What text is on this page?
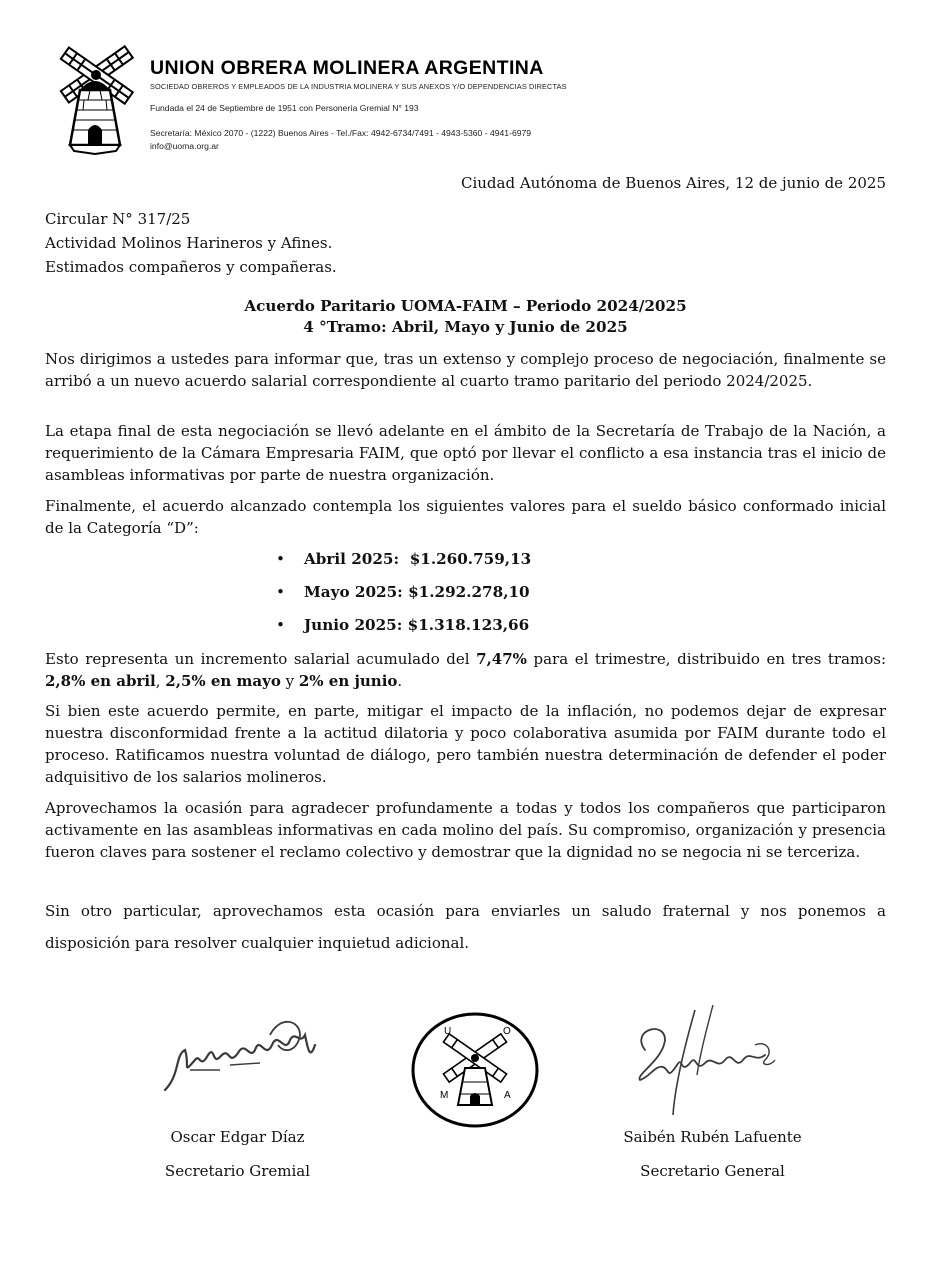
UNION OBRERA MOLINERA ARGENTINA
SOCIEDAD OBREROS Y EMPLEADOS DE LA INDUSTRIA MOLINERA Y SUS ANEXOS Y/O DEPENDENCIAS DIRECTAS
Fundada el 24 de Septiembre de 1951 con Personería Gremial N° 193
Secretaría: México 2070 - (1222) Buenos Aires - Tel./Fax: 4942-6734/7491 - 4943-5360 - 4941-6979
info@uoma.org.ar
Ciudad Autónoma de Buenos Aires, 12 de junio de 2025
Circular N° 317/25
Actividad Molinos Harineros y Afines.
Estimados compañeros y compañeras.
Acuerdo Paritario UOMA-FAIM – Periodo 2024/2025
4 °Tramo: Abril, Mayo y Junio de 2025

Nos dirigimos a ustedes para informar que, tras un extenso y complejo proceso de negociación, finalmente se arribó a un nuevo acuerdo salarial correspondiente al cuarto tramo paritario del periodo 2024/2025.

La etapa final de esta negociación se llevó adelante en el ámbito de la Secretaría de Trabajo de la Nación, a requerimiento de la Cámara Empresaria FAIM, que optó por llevar el conflicto a esa instancia tras el inicio de asambleas informativas por parte de nuestra organización.

Finalmente, el acuerdo alcanzado contempla los siguientes valores para el sueldo básico conformado inicial de la Categoría “D”:

• Abril 2025: $1.260.759,13
• Mayo 2025: $1.292.278,10
• Junio 2025: $1.318.123,66

Esto representa un incremento salarial acumulado del 7,47% para el trimestre, distribuido en tres tramos: 2,8% en abril, 2,5% en mayo y 2% en junio.

Si bien este acuerdo permite, en parte, mitigar el impacto de la inflación, no podemos dejar de expresar nuestra disconformidad frente a la actitud dilatoria y poco colaborativa asumida por FAIM durante todo el proceso. Ratificamos nuestra voluntad de diálogo, pero también nuestra determinación de defender el poder adquisitivo de los salarios molineros.

Aprovechamos la ocasión para agradecer profundamente a todas y todos los compañeros que participaron activamente en las asambleas informativas en cada molino del país. Su compromiso, organización y presencia fueron claves para sostener el reclamo colectivo y demostrar que la dignidad no se negocia ni se terceriza.

Sin otro particular, aprovechamos esta ocasión para enviarles un saludo fraternal y nos ponemos a disposición para resolver cualquier inquietud adicional.

U	O
M	A
Oscar Edgar Díaz
Secretario Gremial
Saibén Rubén Lafuente
Secretario General
